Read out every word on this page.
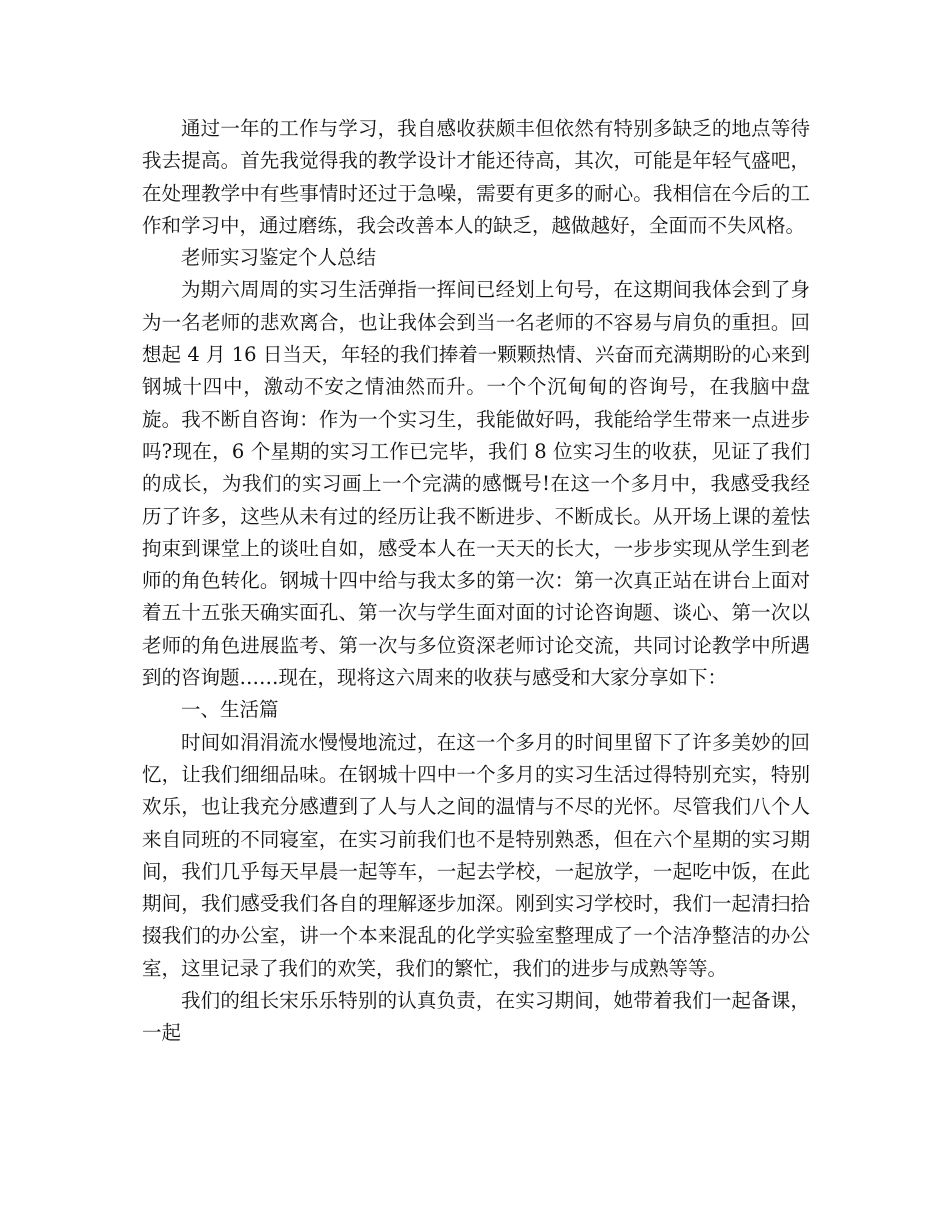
通过一年的工作与学习，我自感收获颇丰但依然有特别多缺乏的地点等待我去提高。首先我觉得我的教学设计才能还待高，其次，可能是年轻气盛吧，在处理教学中有些事情时还过于急噪，需要有更多的耐心。我相信在今后的工作和学习中，通过磨练，我会改善本人的缺乏，越做越好，全面而不失风格。

老师实习鉴定个人总结

为期六周周的实习生活弹指一挥间已经划上句号，在这期间我体会到了身为一名老师的悲欢离合，也让我体会到当一名老师的不容易与肩负的重担。回想起 4 月 16 日当天，年轻的我们捧着一颗颗热情、兴奋而充满期盼的心来到钢城十四中，激动不安之情油然而升。一个个沉甸甸的咨询号，在我脑中盘旋。我不断自咨询：作为一个实习生，我能做好吗，我能给学生带来一点进步吗?现在，6 个星期的实习工作已完毕，我们 8 位实习生的收获，见证了我们的成长，为我们的实习画上一个完满的感慨号!在这一个多月中，我感受我经历了许多，这些从未有过的经历让我不断进步、不断成长。从开场上课的羞怯拘束到课堂上的谈吐自如，感受本人在一天天的长大，一步步实现从学生到老师的角色转化。钢城十四中给与我太多的第一次：第一次真正站在讲台上面对着五十五张天确实面孔、第一次与学生面对面的讨论咨询题、谈心、第一次以老师的角色进展监考、第一次与多位资深老师讨论交流，共同讨论教学中所遇到的咨询题……现在，现将这六周来的收获与感受和大家分享如下：

一、生活篇

时间如涓涓流水慢慢地流过，在这一个多月的时间里留下了许多美妙的回忆，让我们细细品味。在钢城十四中一个多月的实习生活过得特别充实，特别欢乐，也让我充分感遭到了人与人之间的温情与不尽的光怀。尽管我们八个人来自同班的不同寝室，在实习前我们也不是特别熟悉，但在六个星期的实习期间，我们几乎每天早晨一起等车，一起去学校，一起放学，一起吃中饭，在此期间，我们感受我们各自的理解逐步加深。刚到实习学校时，我们一起清扫拾掇我们的办公室，讲一个本来混乱的化学实验室整理成了一个洁净整洁的办公室，这里记录了我们的欢笑，我们的繁忙，我们的进步与成熟等等。

我们的组长宋乐乐特别的认真负责，在实习期间，她带着我们一起备课，一起
